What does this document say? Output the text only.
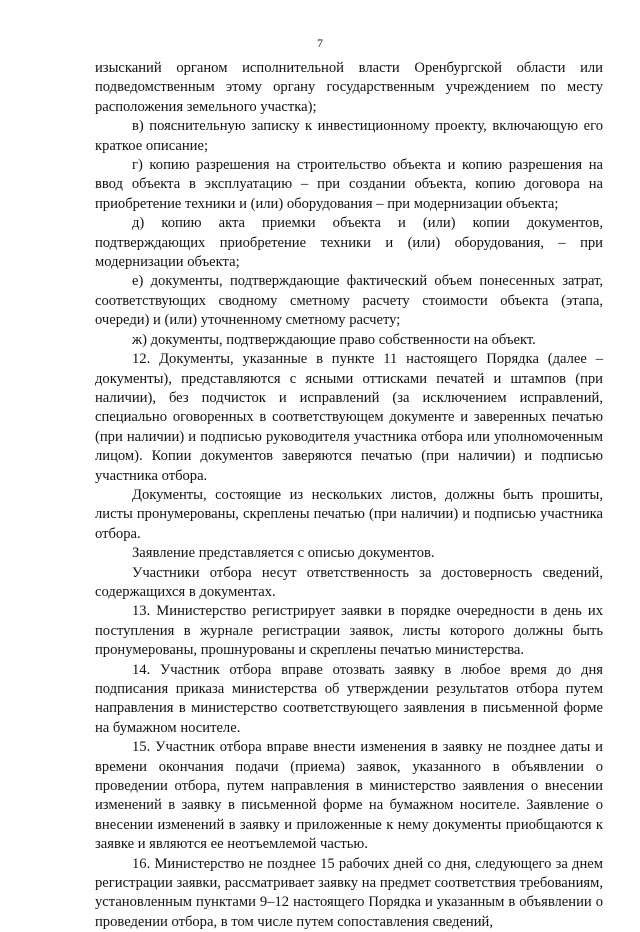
7

изысканий органом исполнительной власти Оренбургской области или подведомственным этому органу государственным учреждением по месту расположения земельного участка);

в) пояснительную записку к инвестиционному проекту, включающую его краткое описание;

г) копию разрешения на строительство объекта и копию разрешения на ввод объекта в эксплуатацию – при создании объекта, копию договора на приобретение техники и (или) оборудования – при модернизации объекта;

д) копию акта приемки объекта и (или) копии документов, подтверждающих приобретение техники и (или) оборудования, – при модернизации объекта;

е) документы, подтверждающие фактический объем понесенных затрат, соответствующих сводному сметному расчету стоимости объекта (этапа, очереди) и (или) уточненному сметному расчету;

ж) документы, подтверждающие право собственности на объект.

12. Документы, указанные в пункте 11 настоящего Порядка (далее – документы), представляются с ясными оттисками печатей и штампов (при наличии), без подчисток и исправлений (за исключением исправлений, специально оговоренных в соответствующем документе и заверенных печатью (при наличии) и подписью руководителя участника отбора или уполномоченным лицом). Копии документов заверяются печатью (при наличии) и подписью участника отбора.

Документы, состоящие из нескольких листов, должны быть прошиты, листы пронумерованы, скреплены печатью (при наличии) и подписью участника отбора.

Заявление представляется с описью документов.

Участники отбора несут ответственность за достоверность сведений, содержащихся в документах.

13. Министерство регистрирует заявки в порядке очередности в день их поступления в журнале регистрации заявок, листы которого должны быть пронумерованы, прошнурованы и скреплены печатью министерства.

14. Участник отбора вправе отозвать заявку в любое время до дня подписания приказа министерства об утверждении результатов отбора путем направления в министерство соответствующего заявления в письменной форме на бумажном носителе.

15. Участник отбора вправе внести изменения в заявку не позднее даты и времени окончания подачи (приема) заявок, указанного в объявлении о проведении отбора, путем направления в министерство заявления о внесении изменений в заявку в письменной форме на бумажном носителе. Заявление о внесении изменений в заявку и приложенные к нему документы приобщаются к заявке и являются ее неотъемлемой частью.

16. Министерство не позднее 15 рабочих дней со дня, следующего за днем регистрации заявки, рассматривает заявку на предмет соответствия требованиям, установленным пунктами 9–12 настоящего Порядка и указанным в объявлении о проведении отбора, в том числе путем сопоставления сведений,
